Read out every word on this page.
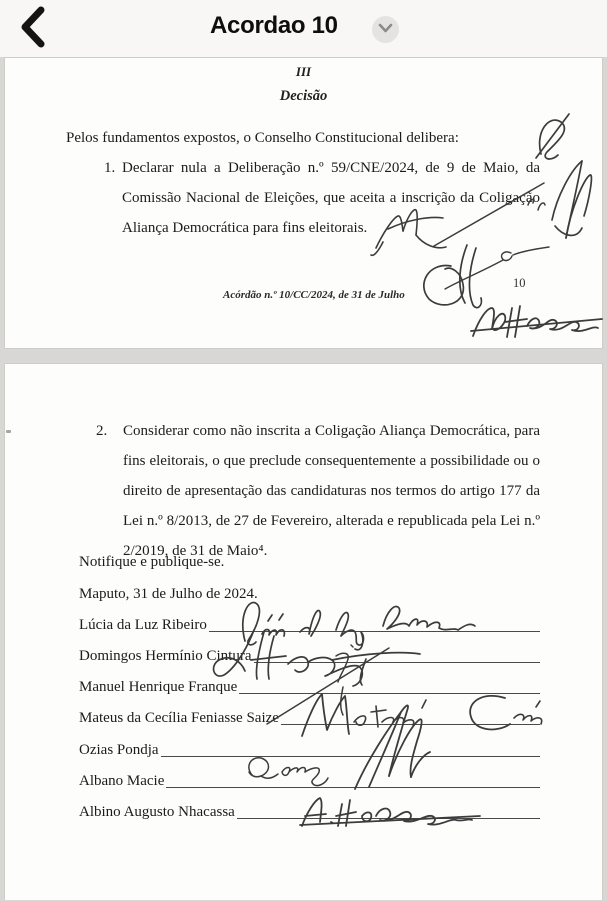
Acordao 10
III
Decisão
Pelos fundamentos expostos, o Conselho Constitucional delibera:
1. Declarar nula a Deliberação n.º 59/CNE/2024, de 9 de Maio, da Comissão Nacional de Eleições, que aceita a inscrição da Coligação Aliança Democrática para fins eleitorais.

Acórdão n.º 10/CC/2024, de 31 de Julho
10
2.	Considerar como não inscrita a Coligação Aliança Democrática, para fins eleitorais, o que preclude consequentemente a possibilidade ou o direito de apresentação das candidaturas nos termos do artigo 177 da Lei n.º 8/2013, de 27 de Fevereiro, alterada e republicada pela Lei n.º 2/2019, de 31 de Maio⁴.

Notifique e publique-se.
Maputo, 31 de Julho de 2024.
Lúcia da Luz Ribeiro
Domingos Hermínio Cintura
Manuel Henrique Franque
Mateus da Cecília Feniasse Saize
Ozias Pondja
Albano Macie
Albino Augusto Nhacassa
